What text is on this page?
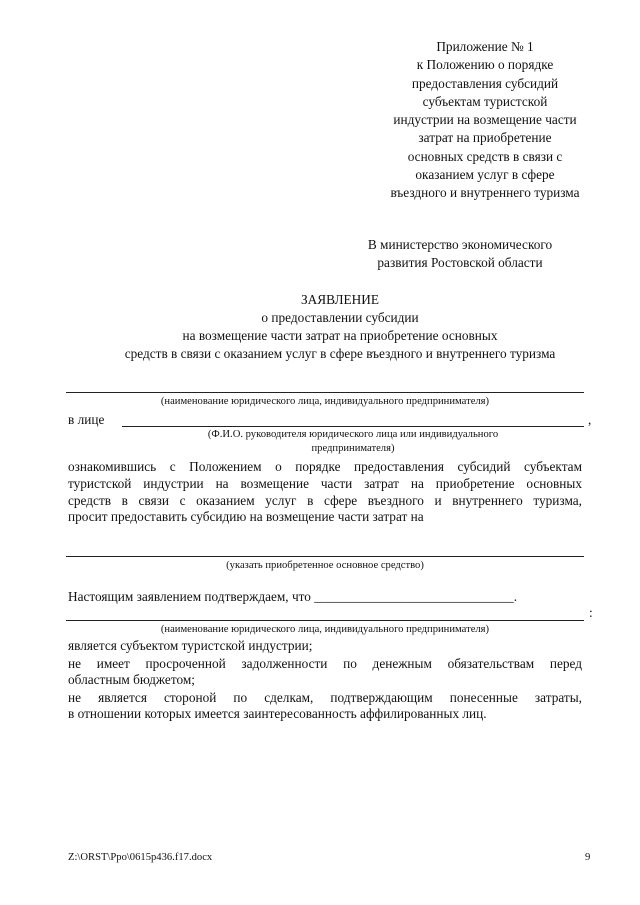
Приложение № 1
к Положению о порядке
предоставления субсидий
субъектам туристской
индустрии на возмещение части
затрат на приобретение
основных средств в связи с
оказанием услуг в сфере
въездного и внутреннего туризма
В министерство экономического
развития Ростовской области
ЗАЯВЛЕНИЕ
о предоставлении субсидии
на возмещение части затрат на приобретение основных
средств в связи с оказанием услуг в сфере въездного и внутреннего туризма
(наименование юридического лица, индивидуального предпринимателя)
в лице	,
(Ф.И.О. руководителя юридического лица или индивидуального
предпринимателя)
ознакомившись с Положением о порядке предоставления субсидий субъектам
туристской индустрии на возмещение части затрат на приобретение основных
средств в связи с оказанием услуг в сфере въездного и внутреннего туризма,
просит предоставить субсидию на возмещение части затрат на
(указать приобретенное основное средство)
Настоящим заявлением подтверждаем, что ______________________________.
:
(наименование юридического лица, индивидуального предпринимателя)
является субъектом туристской индустрии;
не имеет просроченной задолженности по денежным обязательствам перед
областным бюджетом;
не является стороной по сделкам, подтверждающим понесенные затраты,
в отношении которых имеется заинтересованность аффилированных лиц.
Z:\ORST\Ppo\0615p436.f17.docx	9
